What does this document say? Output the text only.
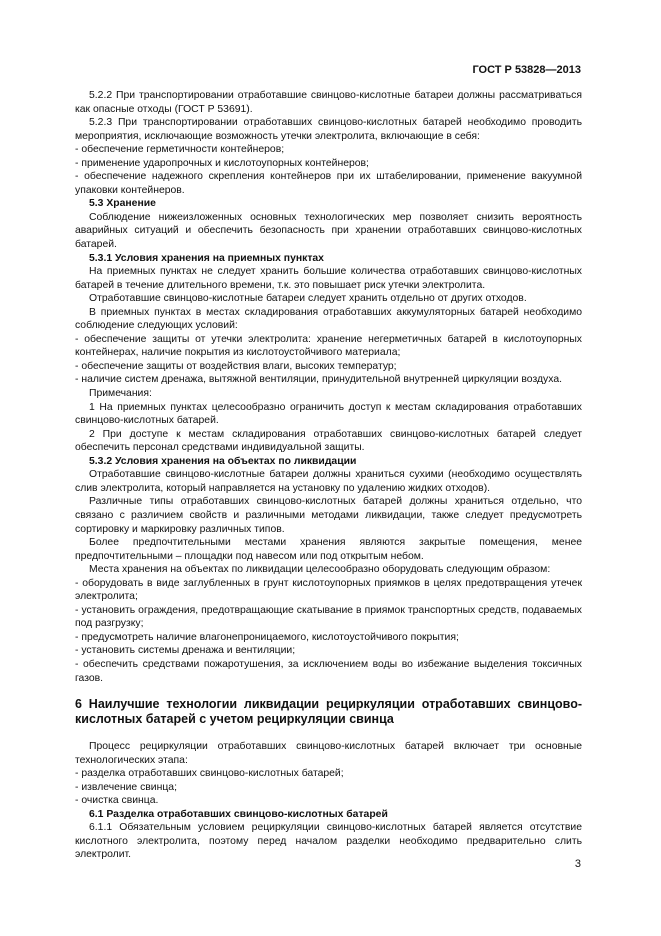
ГОСТ Р 53828—2013

5.2.2 При транспортировании отработавшие свинцово-кислотные батареи должны рассматриваться как опасные отходы (ГОСТ Р 53691).

5.2.3 При транспортировании отработавших свинцово-кислотных батарей необходимо проводить мероприятия, исключающие возможность утечки электролита, включающие в себя:

- обеспечение герметичности контейнеров;

- применение ударопрочных и кислотоупорных контейнеров;

- обеспечение надежного скрепления контейнеров при их штабелировании, применение вакуумной упаковки контейнеров.

5.3 Хранение

Соблюдение нижеизложенных основных технологических мер позволяет снизить вероятность аварийных ситуаций и обеспечить безопасность при хранении отработавших свинцово-кислотных батарей.

5.3.1 Условия хранения на приемных пунктах

На приемных пунктах не следует хранить большие количества отработавших свинцово-кислотных батарей в течение длительного времени, т.к. это повышает риск утечки электролита.

Отработавшие свинцово-кислотные батареи следует хранить отдельно от других отходов.

В приемных пунктах в местах складирования отработавших аккумуляторных батарей необходимо соблюдение следующих условий:

- обеспечение защиты от утечки электролита: хранение негерметичных батарей в кислотоупорных контейнерах, наличие покрытия из кислотоустойчивого материала;

- обеспечение защиты от воздействия влаги, высоких температур;

- наличие систем дренажа, вытяжной вентиляции, принудительной внутренней циркуляции воздуха.

Примечания:

1 На приемных пунктах целесообразно ограничить доступ к местам складирования отработавших свинцово-кислотных батарей.

2 При доступе к местам складирования отработавших свинцово-кислотных батарей следует обеспечить персонал средствами индивидуальной защиты.

5.3.2 Условия хранения на объектах по ликвидации

Отработавшие свинцово-кислотные батареи должны храниться сухими (необходимо осуществлять слив электролита, который направляется на установку по удалению жидких отходов).

Различные типы отработавших свинцово-кислотных батарей должны храниться отдельно, что связано с различием свойств и различными методами ликвидации, также следует предусмотреть сортировку и маркировку различных типов.

Более предпочтительными местами хранения являются закрытые помещения, менее предпочтительными – площадки под навесом или под открытым небом.

Места хранения на объектах по ликвидации целесообразно оборудовать следующим образом:

- оборудовать в виде заглубленных в грунт кислотоупорных приямков в целях предотвращения утечек электролита;

- установить ограждения, предотвращающие скатывание в приямок транспортных средств, подаваемых под разгрузку;

- предусмотреть наличие влагонепроницаемого, кислотоустойчивого покрытия;

- установить системы дренажа и вентиляции;

- обеспечить средствами пожаротушения, за исключением воды во избежание выделения токсичных газов.

6 Наилучшие технологии ликвидации рециркуляции отработавших свинцово-кислотных батарей с учетом рециркуляции свинца

Процесс рециркуляции отработавших свинцово-кислотных батарей включает три основные технологических этапа:

- разделка отработавших свинцово-кислотных батарей;

- извлечение свинца;

- очистка свинца.

6.1 Разделка отработавших свинцово-кислотных батарей

6.1.1 Обязательным условием рециркуляции свинцово-кислотных батарей является отсутствие кислотного электролита, поэтому перед началом разделки необходимо предварительно слить электролит.

3
